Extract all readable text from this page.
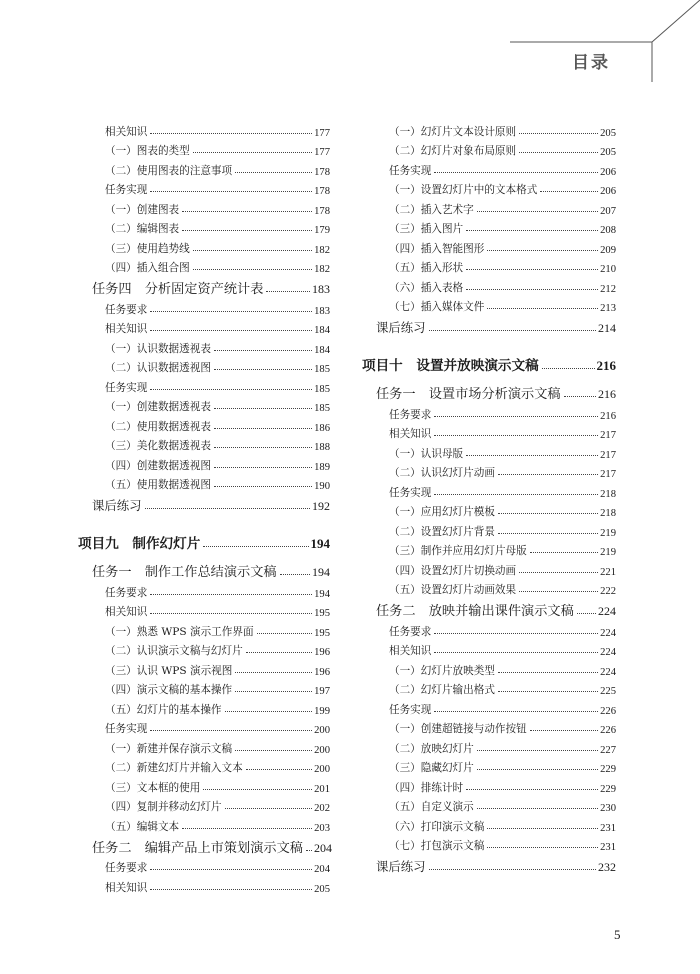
目录
相关知识	177
（一）图表的类型	177
（二）使用图表的注意事项	178
任务实现	178
（一）创建图表	178
（二）编辑图表	179
（三）使用趋势线	182
（四）插入组合图	182
任务四　分析固定资产统计表	183
任务要求	183
相关知识	184
（一）认识数据透视表	184
（二）认识数据透视图	185
任务实现	185
（一）创建数据透视表	185
（二）使用数据透视表	186
（三）美化数据透视表	188
（四）创建数据透视图	189
（五）使用数据透视图	190
课后练习	192
项目九　制作幻灯片	194
任务一　制作工作总结演示文稿	194
任务要求	194
相关知识	195
（一）熟悉 WPS 演示工作界面	195
（二）认识演示文稿与幻灯片	196
（三）认识 WPS 演示视图	196
（四）演示文稿的基本操作	197
（五）幻灯片的基本操作	199
任务实现	200
（一）新建并保存演示文稿	200
（二）新建幻灯片并输入文本	200
（三）文本框的使用	201
（四）复制并移动幻灯片	202
（五）编辑文本	203
任务二　编辑产品上市策划演示文稿 204
任务要求	204
相关知识	205
（一）幻灯片文本设计原则	205
（二）幻灯片对象布局原则	205
任务实现	206
（一）设置幻灯片中的文本格式	206
（二）插入艺术字	207
（三）插入图片	208
（四）插入智能图形	209
（五）插入形状	210
（六）插入表格	212
（七）插入媒体文件	213
课后练习	214
项目十　设置并放映演示文稿	216
任务一　设置市场分析演示文稿	216
任务要求	216
相关知识	217
（一）认识母版	217
（二）认识幻灯片动画	217
任务实现	218
（一）应用幻灯片模板	218
（二）设置幻灯片背景	219
（三）制作并应用幻灯片母版	219
（四）设置幻灯片切换动画	221
（五）设置幻灯片动画效果	222
任务二　放映并输出课件演示文稿 224
任务要求	224
相关知识	224
（一）幻灯片放映类型	224
（二）幻灯片输出格式	225
任务实现	226
（一）创建超链接与动作按钮	226
（二）放映幻灯片	227
（三）隐藏幻灯片	229
（四）排练计时	229
（五）自定义演示	230
（六）打印演示文稿	231
（七）打包演示文稿	231
课后练习	232
5
